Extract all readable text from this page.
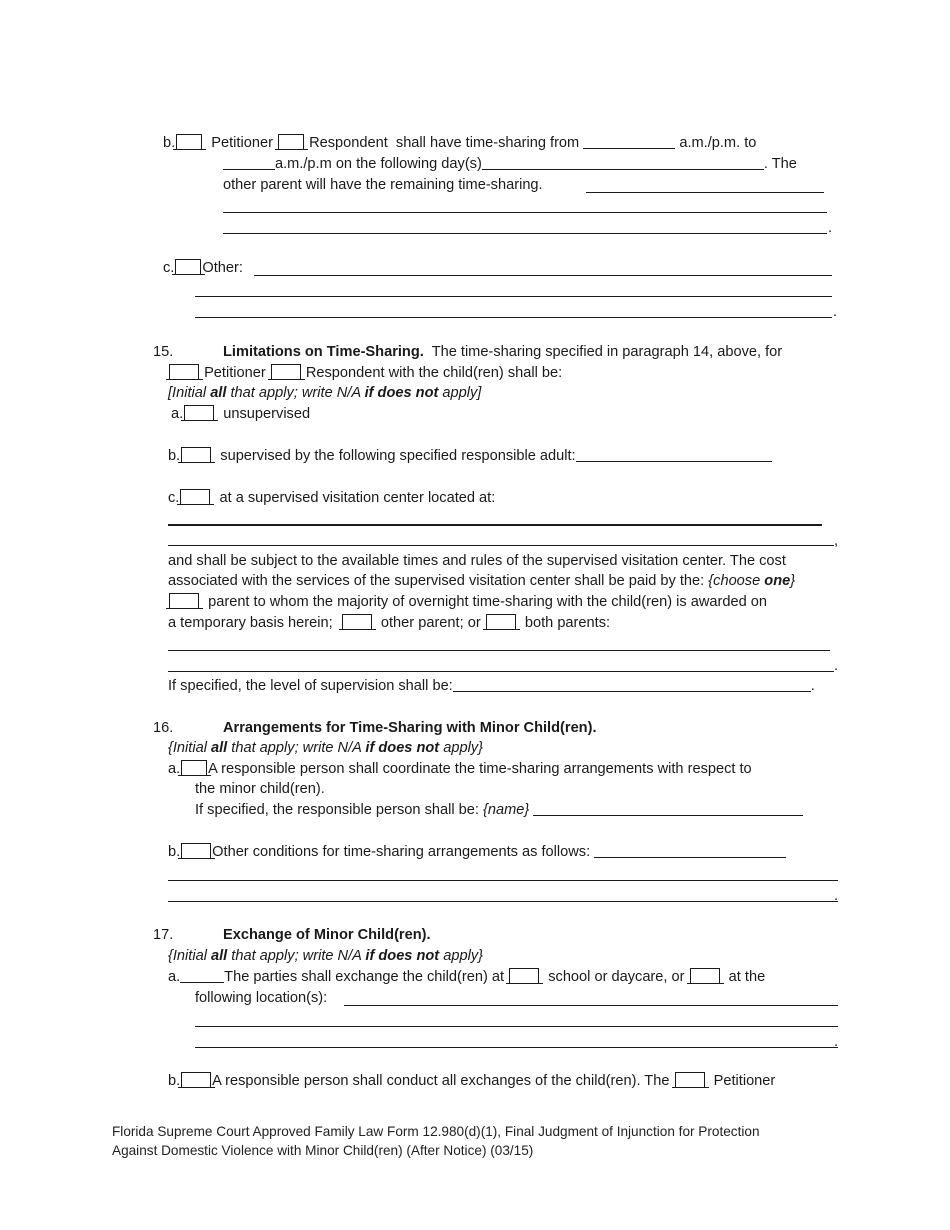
b. Petitioner Respondent shall have time-sharing from	a.m./p.m. to
a.m./p.m on the following day(s)	. The
other parent will have the remaining time-sharing.
.
c. Other:
.
15.	Limitations on Time-Sharing. The time-sharing specified in paragraph 14, above, for
Petitioner	Respondent with the child(ren) shall be:
[Initial all that apply; write N/A if does not apply]
a.	unsupervised
b.	supervised by the following specified responsible adult:
c.	at a supervised visitation center located at:
,
and shall be subject to the available times and rules of the supervised visitation center. The cost
associated with the services of the supervised visitation center shall be paid by the: {choose one}
parent to whom the majority of overnight time-sharing with the child(ren) is awarded on
a temporary basis herein;	other parent; or	both parents:
.
If specified, the level of supervision shall be:	.
16.	Arrangements for Time-Sharing with Minor Child(ren).
{Initial all that apply; write N/A if does not apply}
a. A responsible person shall coordinate the time-sharing arrangements with respect to
the minor child(ren).
If specified, the responsible person shall be: {name}
b. Other conditions for time-sharing arrangements as follows:
.
17.	Exchange of Minor Child(ren).
{Initial all that apply; write N/A if does not apply}
a.	The parties shall exchange the child(ren) at	school or daycare, or	at the
following location(s):
.
b. A responsible person shall conduct all exchanges of the child(ren). The	Petitioner
Florida Supreme Court Approved Family Law Form 12.980(d)(1), Final Judgment of Injunction for Protection
Against Domestic Violence with Minor Child(ren) (After Notice) (03/15)
